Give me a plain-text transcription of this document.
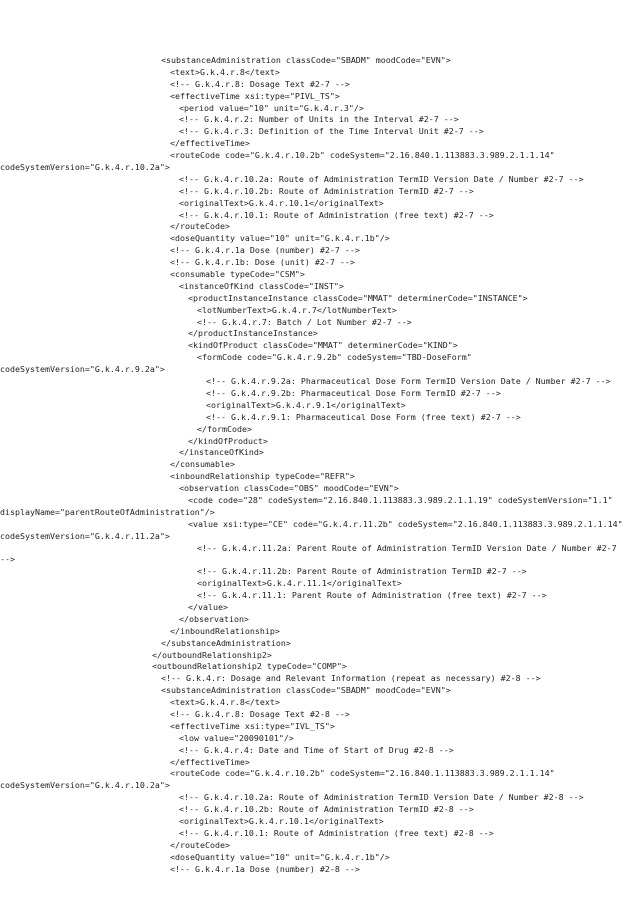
<substanceAdministration classCode="SBADM" moodCode="EVN">
<text>G.k.4.r.8</text>
<!-- G.k.4.r.8: Dosage Text #2-7 -->
<effectiveTime xsi:type="PIVL_TS">
<period value="10" unit="G.k.4.r.3"/>
<!-- G.k.4.r.2: Number of Units in the Interval #2-7 -->
<!-- G.k.4.r.3: Definition of the Time Interval Unit #2-7 -->
</effectiveTime>
<routeCode code="G.k.4.r.10.2b" codeSystem="2.16.840.1.113883.3.989.2.1.1.14"
codeSystemVersion="G.k.4.r.10.2a">
<!-- G.k.4.r.10.2a: Route of Administration TermID Version Date / Number #2-7 -->
<!-- G.k.4.r.10.2b: Route of Administration TermID #2-7 -->
<originalText>G.k.4.r.10.1</originalText>
<!-- G.k.4.r.10.1: Route of Administration (free text) #2-7 -->
</routeCode>
<doseQuantity value="10" unit="G.k.4.r.1b"/>
<!-- G.k.4.r.1a Dose (number) #2-7 -->
<!-- G.k.4.r.1b: Dose (unit) #2-7 -->
<consumable typeCode="CSM">
<instanceOfKind classCode="INST">
<productInstanceInstance classCode="MMAT" determinerCode="INSTANCE">
<lotNumberText>G.k.4.r.7</lotNumberText>
<!-- G.k.4.r.7: Batch / Lot Number #2-7 -->
</productInstanceInstance>
<kindOfProduct classCode="MMAT" determinerCode="KIND">
<formCode code="G.k.4.r.9.2b" codeSystem="TBD-DoseForm"
codeSystemVersion="G.k.4.r.9.2a">
<!-- G.k.4.r.9.2a: Pharmaceutical Dose Form TermID Version Date / Number #2-7 -->
<!-- G.k.4.r.9.2b: Pharmaceutical Dose Form TermID #2-7 -->
<originalText>G.k.4.r.9.1</originalText>
<!-- G.k.4.r.9.1: Pharmaceutical Dose Form (free text) #2-7 -->
</formCode>
</kindOfProduct>
</instanceOfKind>
</consumable>
<inboundRelationship typeCode="REFR">
<observation classCode="OBS" moodCode="EVN">
<code code="28" codeSystem="2.16.840.1.113883.3.989.2.1.1.19" codeSystemVersion="1.1"
displayName="parentRouteOfAdministration"/>
<value xsi:type="CE" code="G.k.4.r.11.2b" codeSystem="2.16.840.1.113883.3.989.2.1.1.14"
codeSystemVersion="G.k.4.r.11.2a">
<!-- G.k.4.r.11.2a: Parent Route of Administration TermID Version Date / Number #2-7
-->
<!-- G.k.4.r.11.2b: Parent Route of Administration TermID #2-7 -->
<originalText>G.k.4.r.11.1</originalText>
<!-- G.k.4.r.11.1: Parent Route of Administration (free text) #2-7 -->
</value>
</observation>
</inboundRelationship>
</substanceAdministration>
</outboundRelationship2>
<outboundRelationship2 typeCode="COMP">
<!-- G.k.4.r: Dosage and Relevant Information (repeat as necessary) #2-8 -->
<substanceAdministration classCode="SBADM" moodCode="EVN">
<text>G.k.4.r.8</text>
<!-- G.k.4.r.8: Dosage Text #2-8 -->
<effectiveTime xsi:type="IVL_TS">
<low value="20090101"/>
<!-- G.k.4.r.4: Date and Time of Start of Drug #2-8 -->
</effectiveTime>
<routeCode code="G.k.4.r.10.2b" codeSystem="2.16.840.1.113883.3.989.2.1.1.14"
codeSystemVersion="G.k.4.r.10.2a">
<!-- G.k.4.r.10.2a: Route of Administration TermID Version Date / Number #2-8 -->
<!-- G.k.4.r.10.2b: Route of Administration TermID #2-8 -->
<originalText>G.k.4.r.10.1</originalText>
<!-- G.k.4.r.10.1: Route of Administration (free text) #2-8 -->
</routeCode>
<doseQuantity value="10" unit="G.k.4.r.1b"/>
<!-- G.k.4.r.1a Dose (number) #2-8 -->
